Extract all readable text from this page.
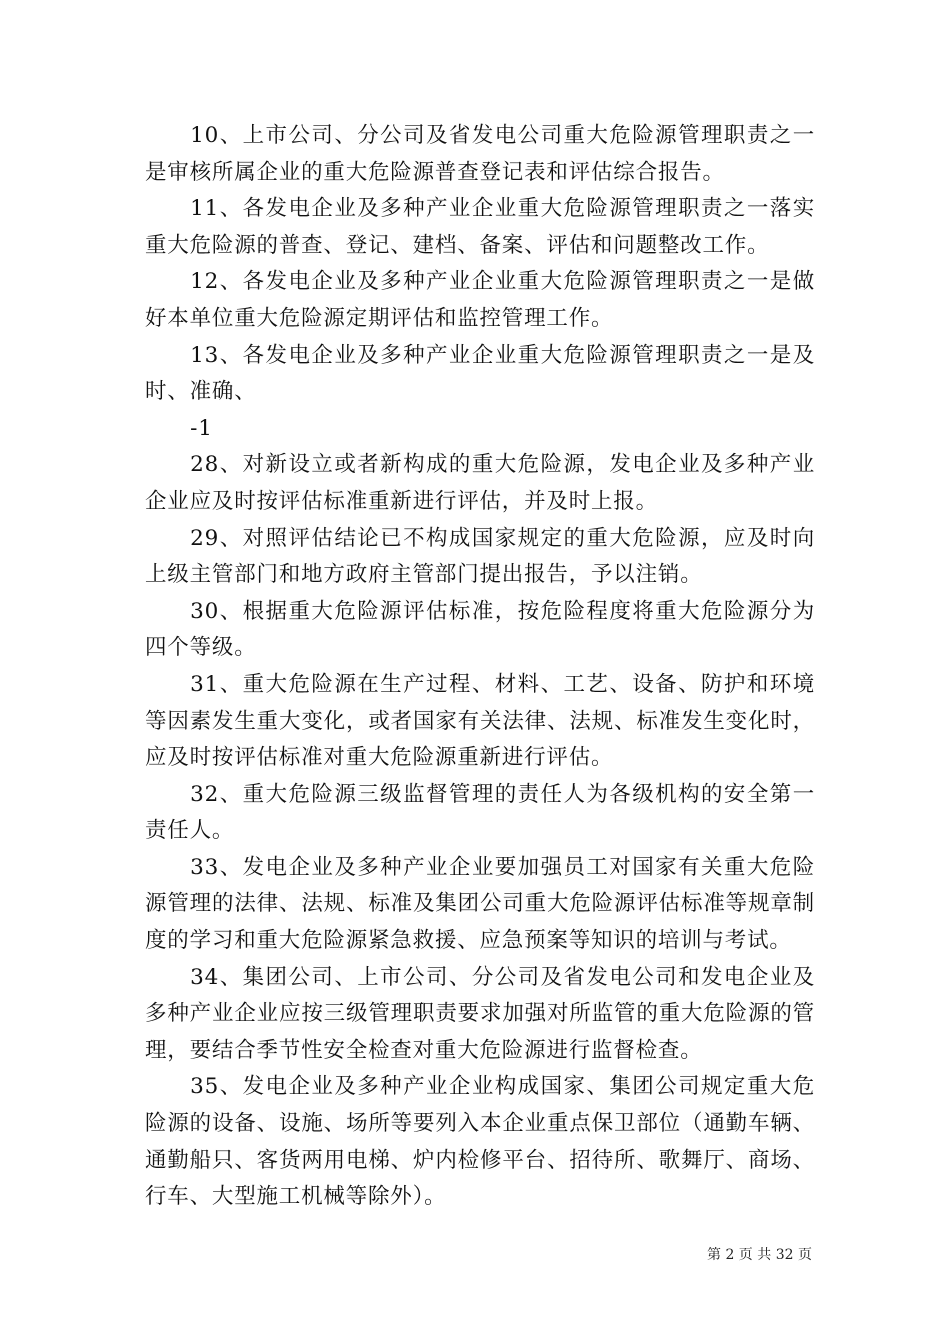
10、上市公司、分公司及省发电公司重大危险源管理职责之一是审核所属企业的重大危险源普查登记表和评估综合报告。

11、各发电企业及多种产业企业重大危险源管理职责之一落实重大危险源的普查、登记、建档、备案、评估和问题整改工作。

12、各发电企业及多种产业企业重大危险源管理职责之一是做好本单位重大危险源定期评估和监控管理工作。

13、各发电企业及多种产业企业重大危险源管理职责之一是及时、准确、

-1

28、对新设立或者新构成的重大危险源，发电企业及多种产业企业应及时按评估标准重新进行评估，并及时上报。

29、对照评估结论已不构成国家规定的重大危险源，应及时向上级主管部门和地方政府主管部门提出报告，予以注销。

30、根据重大危险源评估标准，按危险程度将重大危险源分为四个等级。

31、重大危险源在生产过程、材料、工艺、设备、防护和环境等因素发生重大变化，或者国家有关法律、法规、标准发生变化时，应及时按评估标准对重大危险源重新进行评估。

32、重大危险源三级监督管理的责任人为各级机构的安全第一责任人。

33、发电企业及多种产业企业要加强员工对国家有关重大危险源管理的法律、法规、标准及集团公司重大危险源评估标准等规章制度的学习和重大危险源紧急救援、应急预案等知识的培训与考试。

34、集团公司、上市公司、分公司及省发电公司和发电企业及多种产业企业应按三级管理职责要求加强对所监管的重大危险源的管理，要结合季节性安全检查对重大危险源进行监督检查。

35、发电企业及多种产业企业构成国家、集团公司规定重大危险源的设备、设施、场所等要列入本企业重点保卫部位（通勤车辆、通勤船只、客货两用电梯、炉内检修平台、招待所、歌舞厅、商场、行车、大型施工机械等除外）。

第 2 页 共 32 页
